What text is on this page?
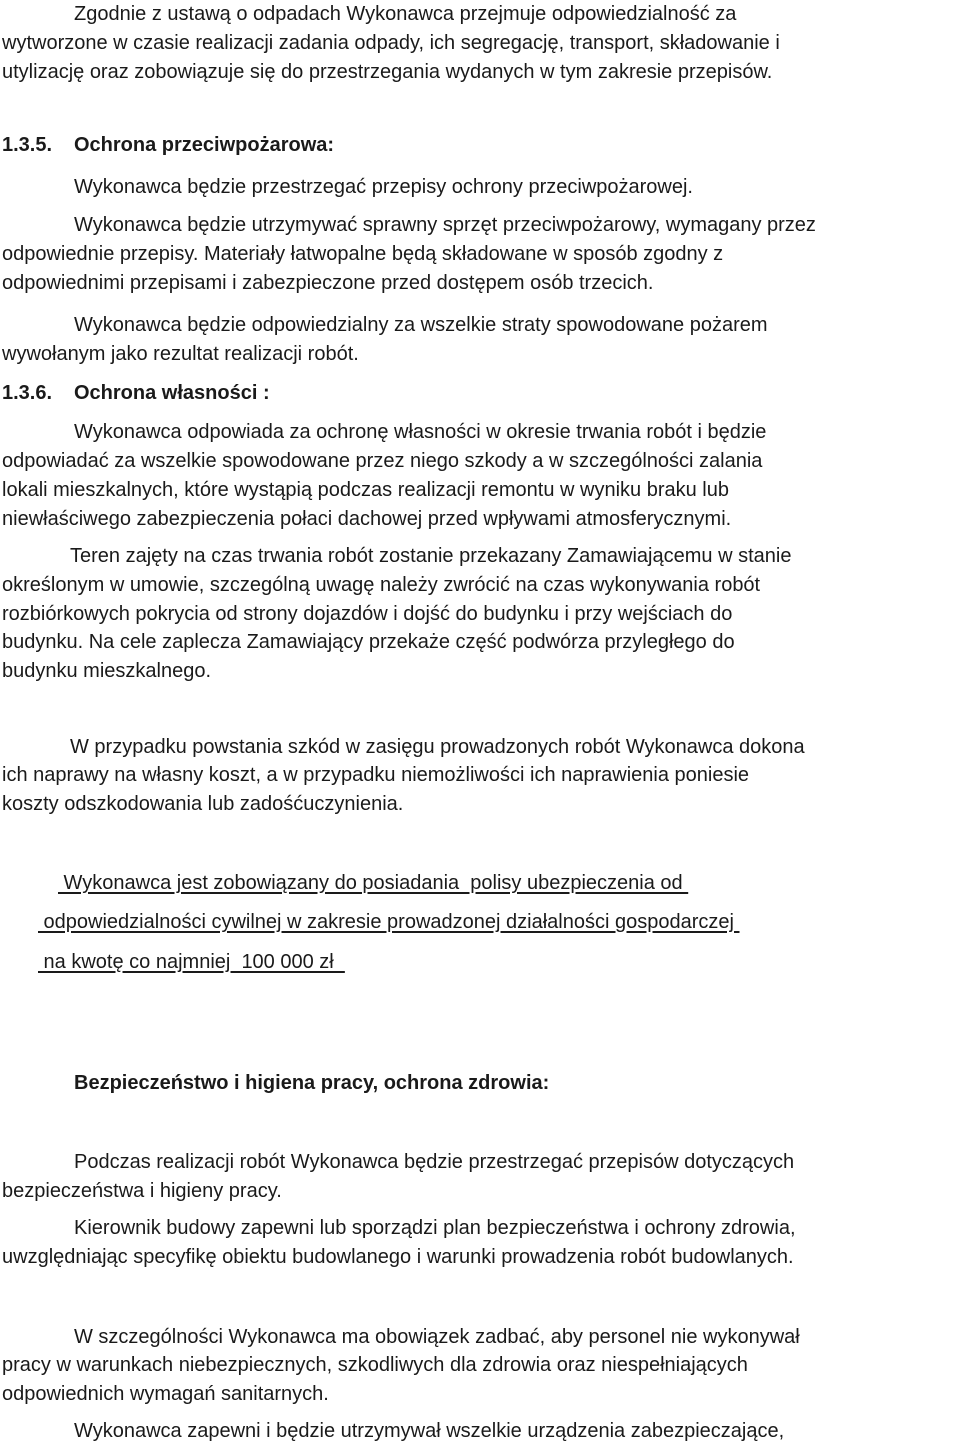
Zgodnie z ustawą o odpadach Wykonawca przejmuje odpowiedzialność za
wytworzone w czasie realizacji zadania odpady, ich segregację, transport, składowanie i
utylizację oraz zobowiązuje się do przestrzegania wydanych w tym zakresie przepisów.
1.3.5. Ochrona przeciwpożarowa:
Wykonawca będzie przestrzegać przepisy ochrony przeciwpożarowej.
Wykonawca będzie utrzymywać sprawny sprzęt przeciwpożarowy, wymagany przez
odpowiednie przepisy. Materiały łatwopalne będą składowane w sposób zgodny z
odpowiednimi przepisami i zabezpieczone przed dostępem osób trzecich.
Wykonawca będzie odpowiedzialny za wszelkie straty spowodowane pożarem
wywołanym jako rezultat realizacji robót.
1.3.6. Ochrona własności :
Wykonawca odpowiada za ochronę własności w okresie trwania robót i będzie
odpowiadać za wszelkie spowodowane przez niego szkody a w szczególności zalania
lokali mieszkalnych, które wystąpią podczas realizacji remontu w wyniku braku lub
niewłaściwego zabezpieczenia połaci dachowej przed wpływami atmosferycznymi.
Teren zajęty na czas trwania robót zostanie przekazany Zamawiającemu w stanie
określonym w umowie, szczególną uwagę należy zwrócić na czas wykonywania robót
rozbiórkowych pokrycia od strony dojazdów i dojść do budynku i przy wejściach do
budynku. Na cele zaplecza Zamawiający przekaże część podwórza przyległego do
budynku mieszkalnego.
W przypadku powstania szkód w zasięgu prowadzonych robót Wykonawca dokona
ich naprawy na własny koszt, a w przypadku niemożliwości ich naprawienia poniesie
koszty odszkodowania lub zadośćuczynienia.
Wykonawca jest zobowiązany do posiadania  polisy ubezpieczenia od
odpowiedzialności cywilnej w zakresie prowadzonej działalności gospodarczej
na kwotę co najmniej  100 000 zł
Bezpieczeństwo i higiena pracy, ochrona zdrowia:
Podczas realizacji robót Wykonawca będzie przestrzegać przepisów dotyczących
bezpieczeństwa i higieny pracy.
Kierownik budowy zapewni lub sporządzi plan bezpieczeństwa i ochrony zdrowia,
uwzględniając specyfikę obiektu budowlanego i warunki prowadzenia robót budowlanych.
W szczególności Wykonawca ma obowiązek zadbać, aby personel nie wykonywał
pracy w warunkach niebezpiecznych, szkodliwych dla zdrowia oraz niespełniających
odpowiednich wymagań sanitarnych.
Wykonawca zapewni i będzie utrzymywał wszelkie urządzenia zabezpieczające,
